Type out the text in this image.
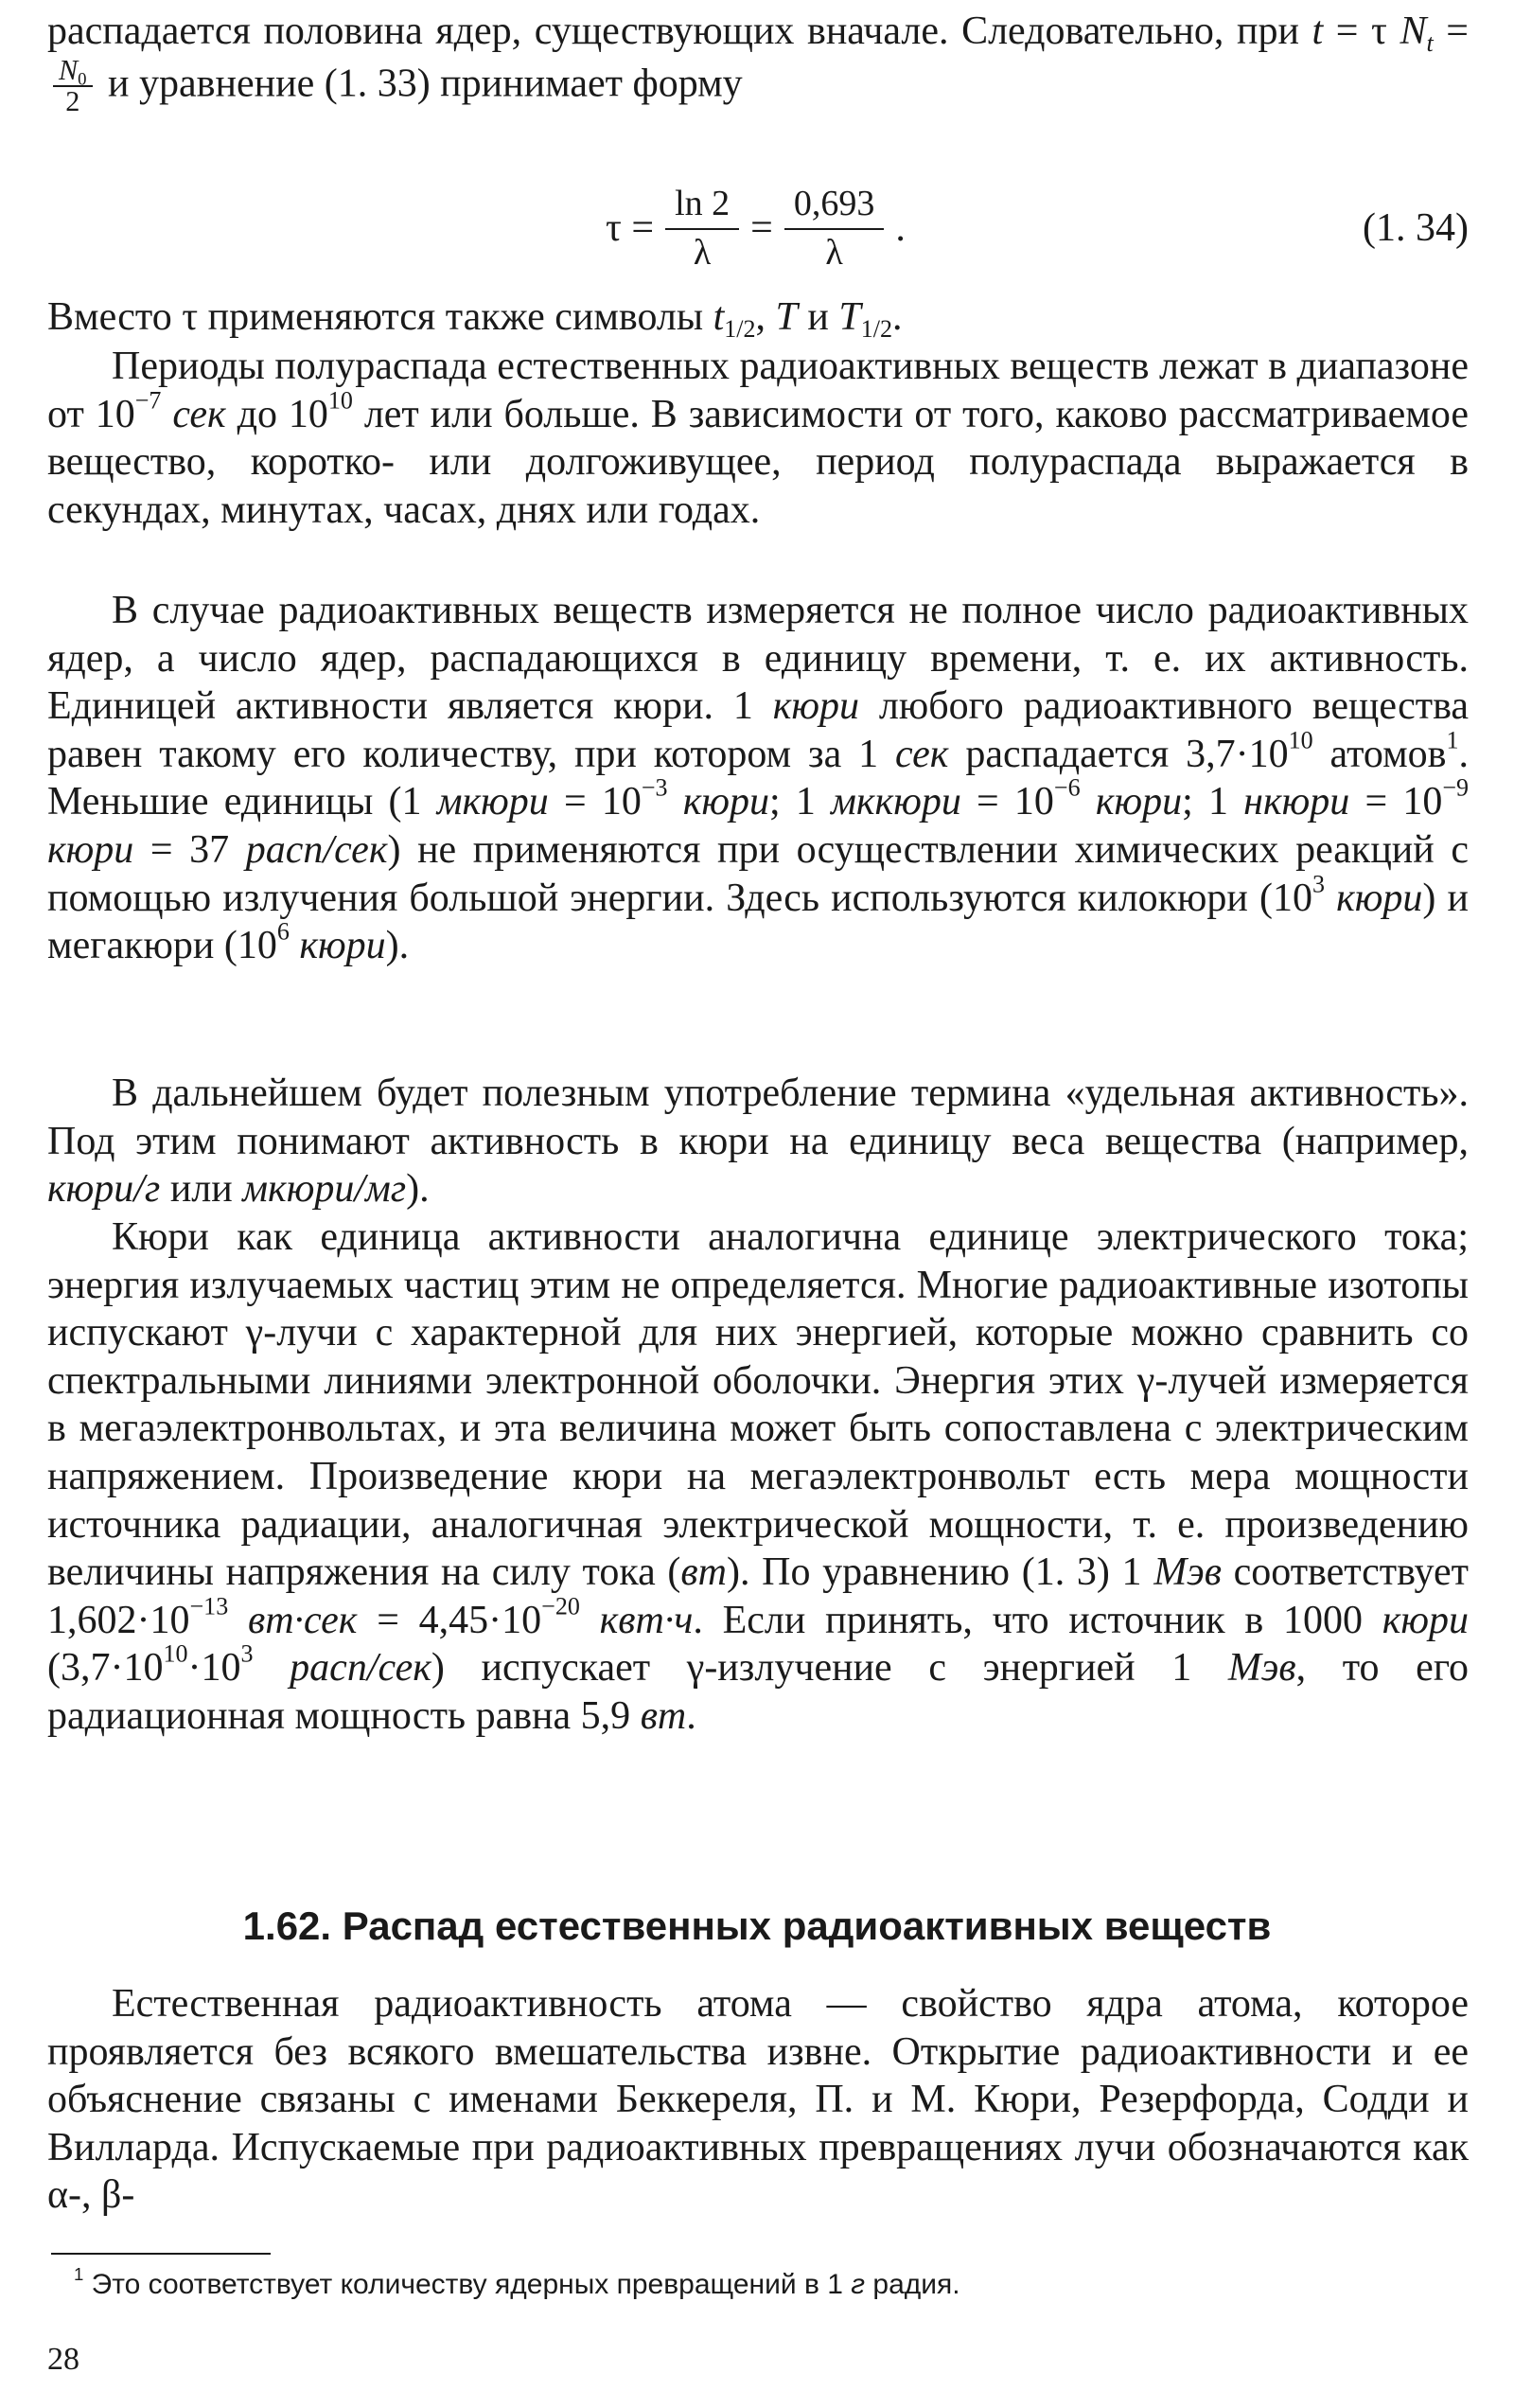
распадается половина ядер, существующих вначале. Следовательно, при t = τ $N_t$ =
$\frac{N_0}{2}$ и уравнение (1. 33) принимает форму

$\tau = \frac{\ln 2}{\lambda} = \frac{0,693}{\lambda}$ .	(1. 34)

Вместо τ применяются также символы $t_{1/2}$, T и $T_{1/2}$.

Периоды полураспада естественных радиоактивных веществ лежат в диапазоне от $10^{-7}$ сек до $10^{10}$ лет или больше. В зависимости от того, каково рассматриваемое вещество, коротко- или долгоживущее, период полураспада выражается в секундах, минутах, часах, днях или годах.

В случае радиоактивных веществ измеряется не полное число радиоактивных ядер, а число ядер, распадающихся в единицу времени, т. е. их активность. Единицей активности является кюри. 1 кюри любого радиоактивного вещества равен такому его количеству, при котором за 1 сек распадается $3,7\cdot 10^{10}$ атомов$^1$. Меньшие единицы (1 мкюри = $10^{-3}$ кюри; 1 мккюри = $10^{-6}$ кюри; 1 нкюри = $10^{-9}$ кюри = 37 расп/сек) не применяются при осуществлении химических реакций с помощью излучения большой энергии. Здесь используются килокюри ($10^3$ кюри) и мегакюри ($10^6$ кюри).

В дальнейшем будет полезным употребление термина «удельная активность». Под этим понимают активность в кюри на единицу веса вещества (например, кюри/г или мкюри/мг).

Кюри как единица активности аналогична единице электрического тока; энергия излучаемых частиц этим не определяется. Многие радиоактивные изотопы испускают γ-лучи с характерной для них энергией, которые можно сравнить со спектральными линиями электронной оболочки. Энергия этих γ-лучей измеряется в мегаэлектронвольтах, и эта величина может быть сопоставлена с электрическим напряжением. Произведение кюри на мегаэлектронвольт есть мера мощности источника радиации, аналогичная электрической мощности, т. е. произведению величины напряжения на силу тока (вт). По уравнению (1. 3) 1 Мэв соответствует $1,602\cdot 10^{-13}$ $вт\cdot сек = 4,45\cdot 10^{-20}$ квт·ч. Если принять, что источник в 1000 кюри ($3,7\cdot 10^{10}\cdot 10^3$ расп/сек) испускает γ-излучение с энергией 1 Мэв, то его радиационная мощность равна 5,9 вт.

1.62. Распад естественных радиоактивных веществ

Естественная радиоактивность атома — свойство ядра атома, которое проявляется без всякого вмешательства извне. Открытие радиоактивности и ее объяснение связаны с именами Беккереля, П. и М. Кюри, Резерфорда, Содди и Вилларда. Испускаемые при радиоактивных превращениях лучи обозначаются как α-, β-

$^1$ Это соответствует количеству ядерных превращений в 1 г радия.

28
